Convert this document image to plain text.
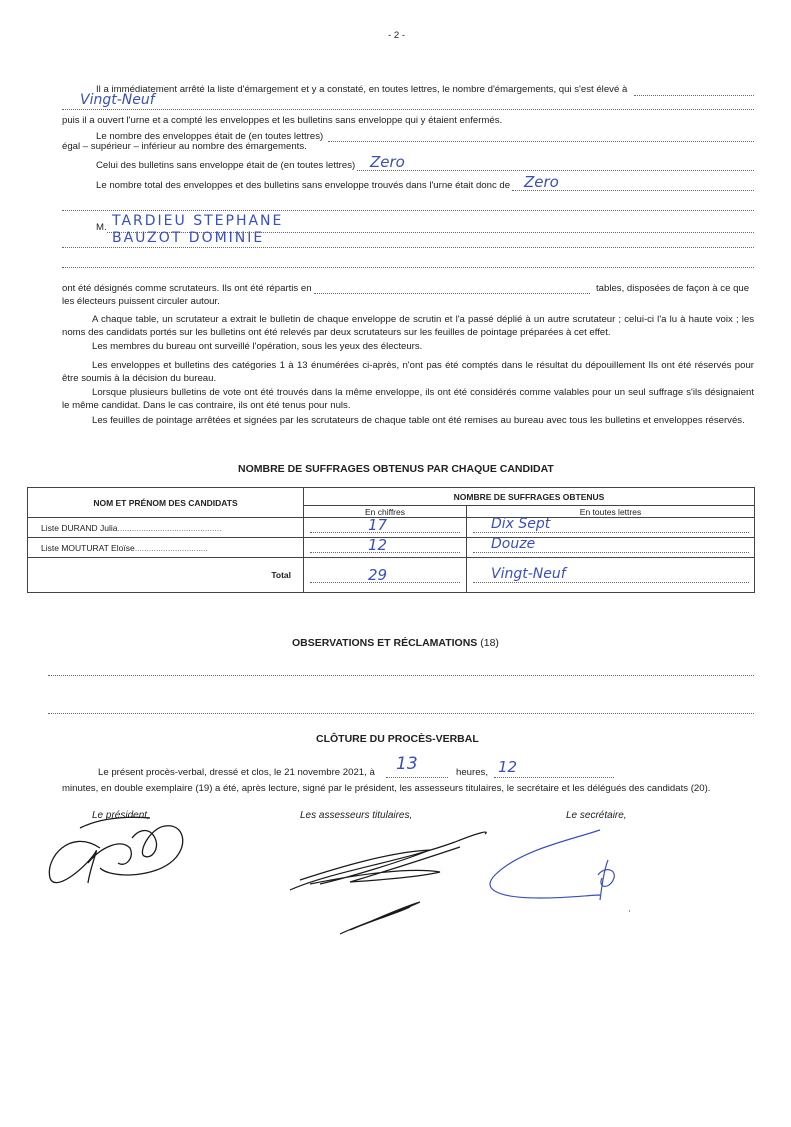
- 2 -
Il a immédiatement arrêté la liste d'émargement et y a constaté, en toutes lettres, le nombre d'émargements, qui s'est élevé à
Vingt-Neuf
puis il a ouvert l'urne et a compté les enveloppes et les bulletins sans enveloppe qui y étaient enfermés.
Le nombre des enveloppes était de (en toutes lettres)
égal – supérieur – inférieur au nombre des émargements.
Celui des bulletins sans enveloppe était de (en toutes lettres) Zero
Le nombre total des enveloppes et des bulletins sans enveloppe trouvés dans l'urne était donc de Zero
M. TARDIEU STEPHANE
BAUZOT DOMINIE
ont été désignés comme scrutateurs. Ils ont été répartis en	tables, disposées de façon à ce que
les électeurs puissent circuler autour.
A chaque table, un scrutateur a extrait le bulletin de chaque enveloppe de scrutin et l'a passé déplié à un autre scrutateur ; celui-ci l'a lu à haute voix ; les noms des candidats portés sur les bulletins ont été relevés par deux scrutateurs sur les feuilles de pointage préparées à cet effet.
Les membres du bureau ont surveillé l'opération, sous les yeux des électeurs.
Les enveloppes et bulletins des catégories 1 à 13 énumérées ci-après, n'ont pas été comptés dans le résultat du dépouillement Ils ont été réservés pour être soumis à la décision du bureau.
Lorsque plusieurs bulletins de vote ont été trouvés dans la même enveloppe, ils ont été considérés comme valables pour un seul suffrage s'ils désignaient le même candidat. Dans le cas contraire, ils ont été tenus pour nuls.
Les feuilles de pointage arrêtées et signées par les scrutateurs de chaque table ont été remises au bureau avec tous les bulletins et enveloppes réservés.
NOMBRE DE SUFFRAGES OBTENUS PAR CHAQUE CANDIDAT
NOM ET PRÉNOM DES CANDIDATS	NOMBRE DE SUFFRAGES OBTENUS	
	En chiffres	En toutes lettres
Liste DURAND Julia............................................	17	Dix Sept

Liste MOUTURAT Eloïse...............................	12	Douze

Total	29	Vingt-Neuf
OBSERVATIONS ET RÉCLAMATIONS (18)
CLÔTURE DU PROCÈS-VERBAL
Le présent procès-verbal, dressé et clos, le 21 novembre 2021, à 13	heures, 12
minutes, en double exemplaire (19) a été, après lecture, signé par le président, les assesseurs titulaires, le secrétaire et les délégués des candidats (20).
Le président,	Les assesseurs titulaires,	Le secrétaire,
